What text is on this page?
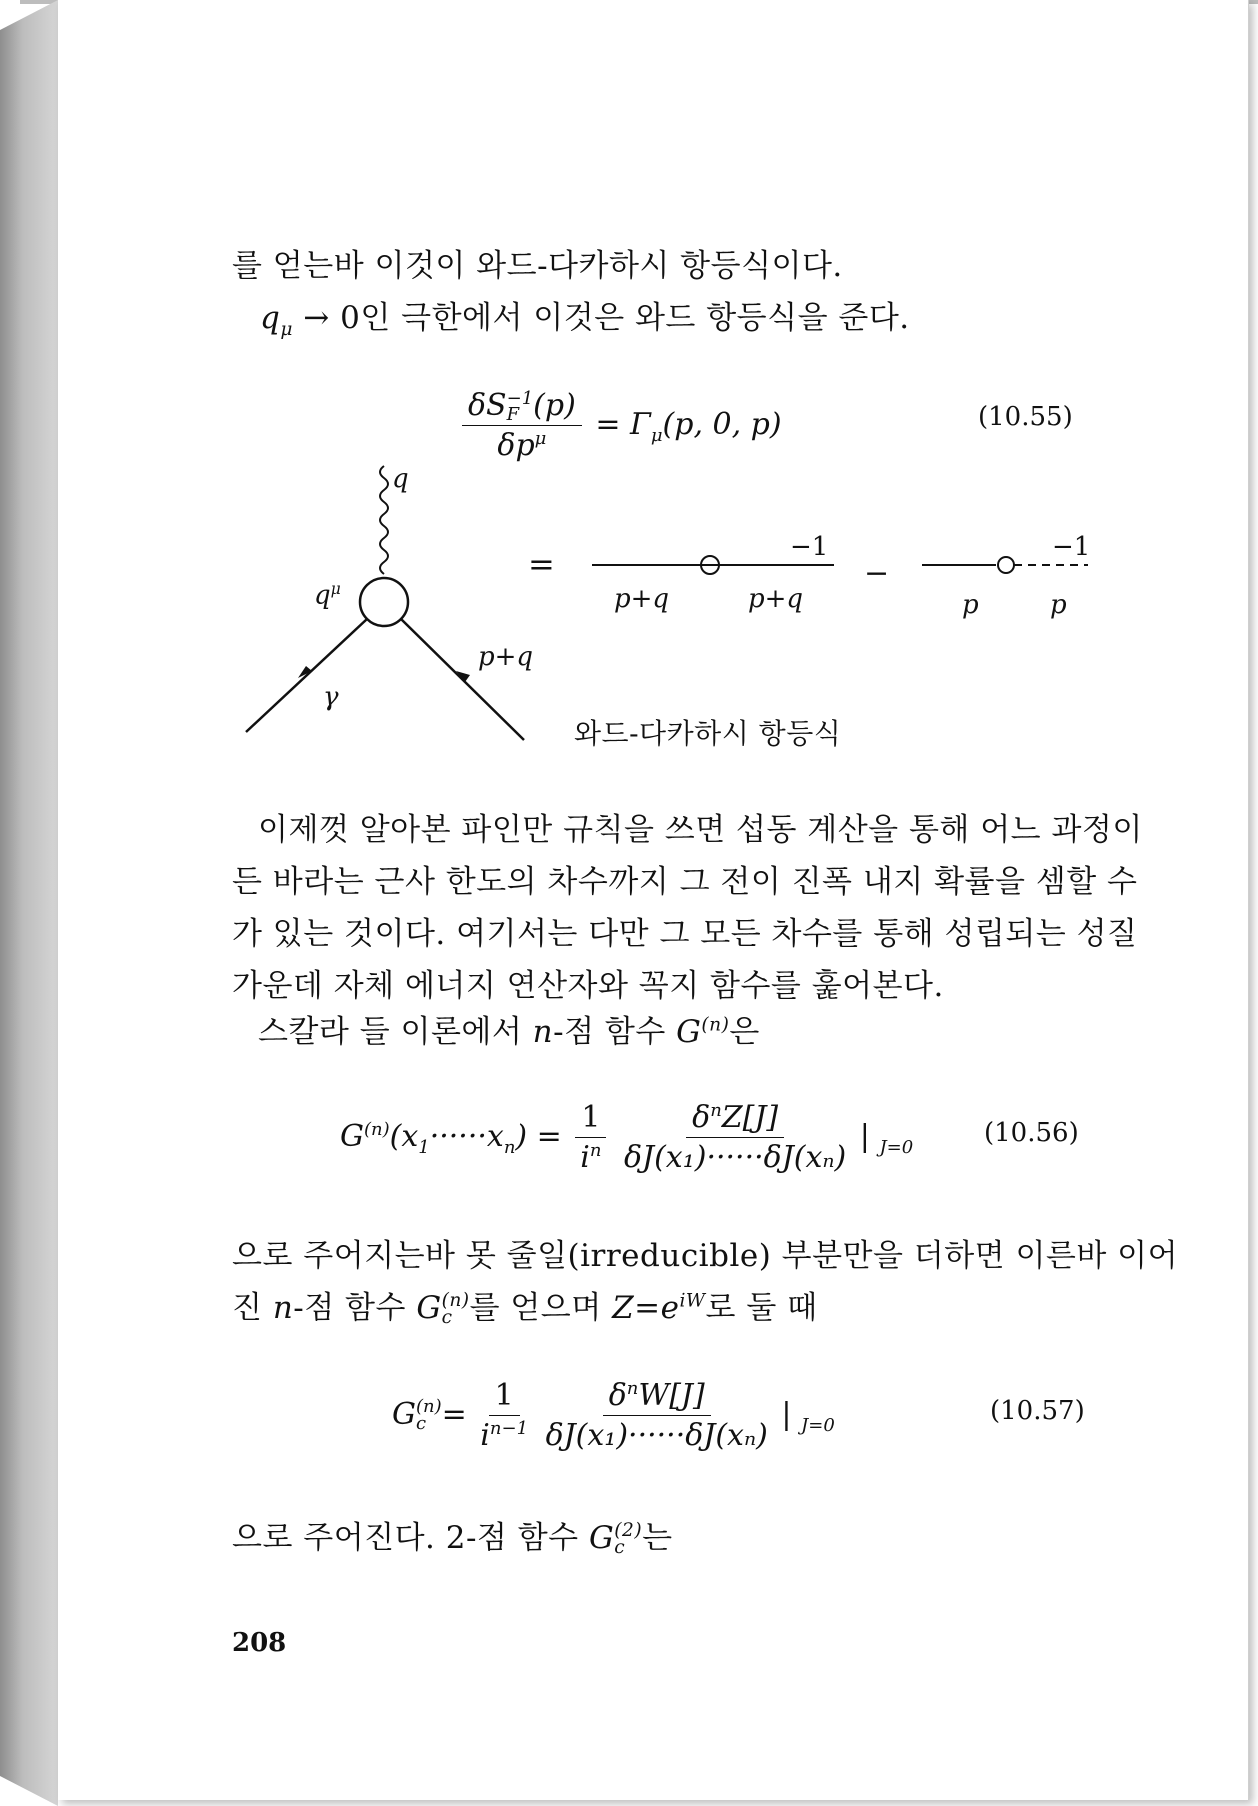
를 얻는바 이것이 와드-다카하시 항등식이다.
$q_\mu \to 0$인 극한에서 이것은 와드 항등식을 준다.
δS −1
F (p)
$\delta p^\mu = \Gamma_\mu(p$, 0, p)	(10.55)
q
$q^\mu$
γ
p+q
=	−1
p+q	p+q
−
−1
p	p
와드-다카하시 항등식
이제껏 알아본 파인만 규칙을 쓰면 섭동 계산을 통해 어느 과정이
든 바라는 근사 한도의 차수까지 그 전이 진폭 내지 확률을 셈할 수
가 있는 것이다. 여기서는 다만 그 모든 차수를 통해 성립되는 성질
가운데 자체 에너지 연산자와 꼭지 함수를 훑어본다.
스칼라 들 이론에서 n-점 함수 $G^{(n)}$은
$G^{(n)}(x_1\cdot\cdot\cdot\cdot\cdot\cdot x_n) = \frac{1}{i^n}$
$\frac{\delta^nZ[J]}{\text{δJ(x₁)······δJ(xₙ)}}$ | $_{J=0}$	(10.56)
으로 주어지는바 못 줄일(irreducible) 부분만을 더하면 이른바 이어
진 n-점 함수 G (n)
c 를 얻으며 $Z=e^{iW}$로 둘 때
G (n)
$c = \frac{1}{i^{n-1}}$
$\frac{\delta^nW[J]}{\text{δJ(x₁)······δJ(xₙ)}}$ | $_{J=0}$	(10.57)
으로 주어진다. 2-점 함수 G (2)
c 는
208
